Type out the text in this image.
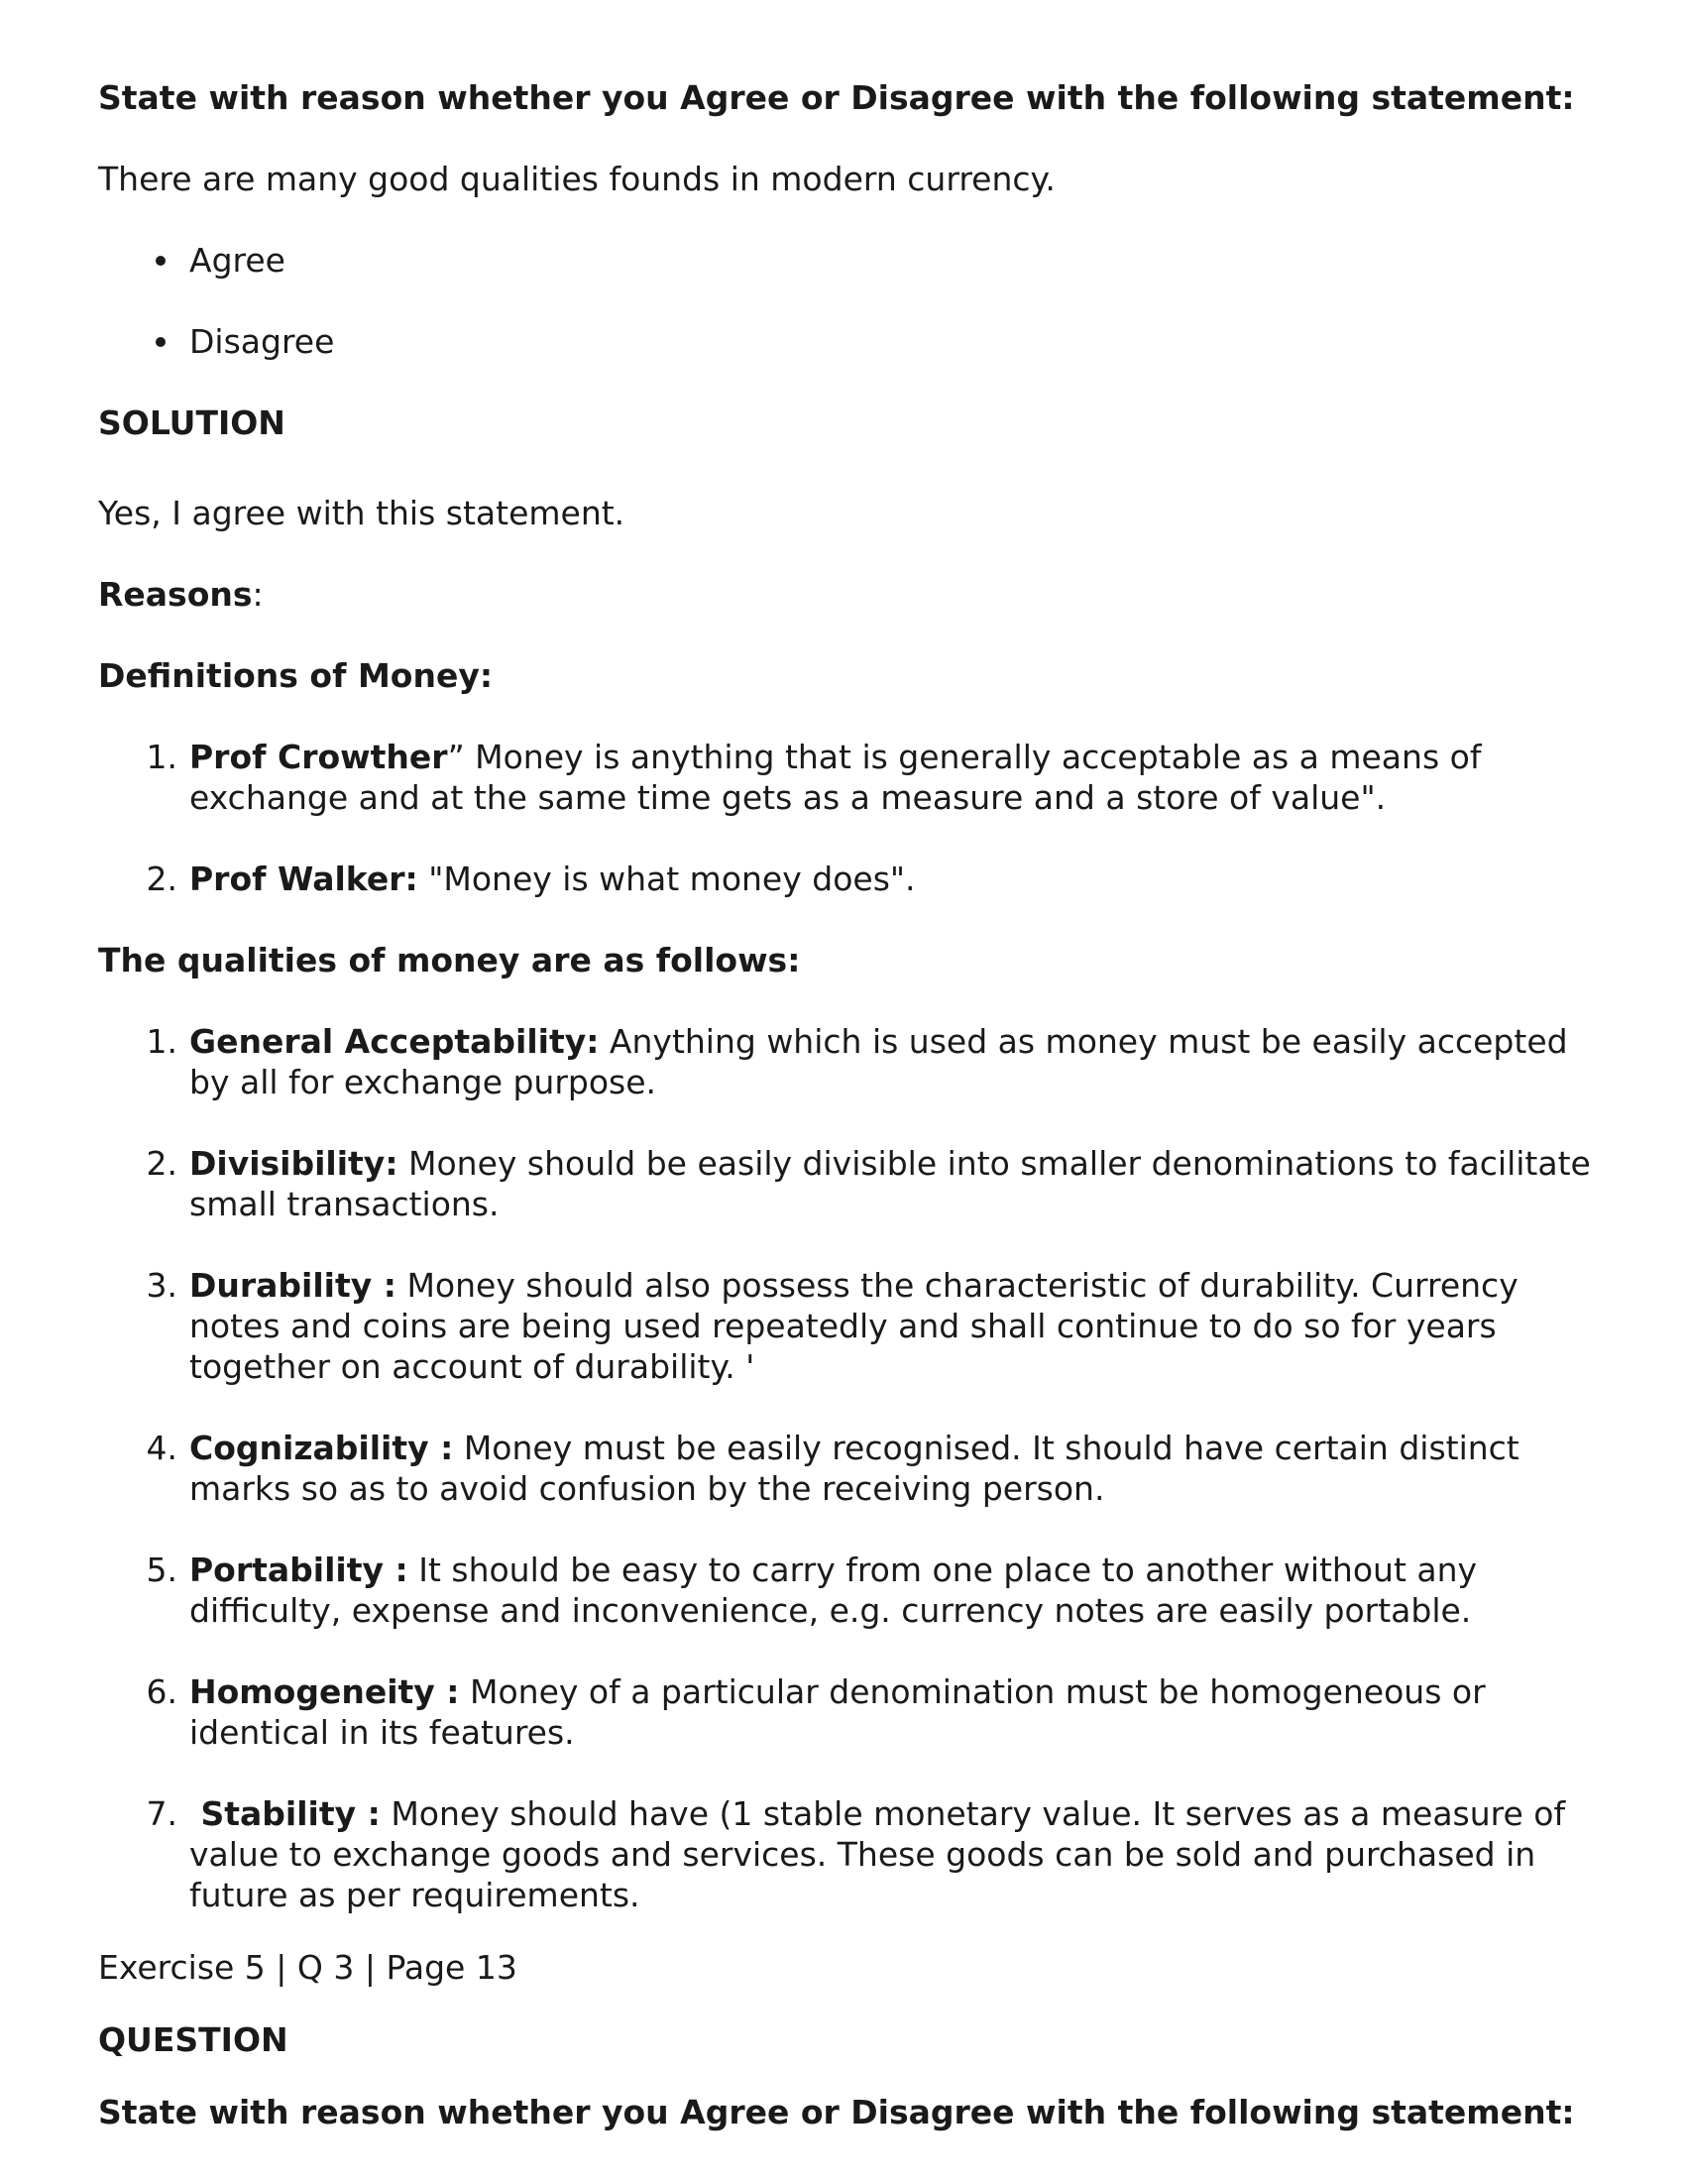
State with reason whether you Agree or Disagree with the following statement:

There are many good qualities founds in modern currency.

Agree
Disagree

SOLUTION

Yes, I agree with this statement.

Reasons:

Definitions of Money:

1. Prof Crowther” Money is anything that is generally acceptable as a means of exchange and at the same time gets as a measure and a store of value".
2. Prof Walker: "Money is what money does".

The qualities of money are as follows:

1. General Acceptability: Anything which is used as money must be easily accepted by all for exchange purpose.
2. Divisibility: Money should be easily divisible into smaller denominations to facilitate small transactions.
3. Durability : Money should also possess the characteristic of durability. Currency notes and coins are being used repeatedly and shall continue to do so for years together on account of durability. '
4. Cognizability : Money must be easily recognised. It should have certain distinct marks so as to avoid confusion by the receiving person.
5. Portability : It should be easy to carry from one place to another without any difficulty, expense and inconvenience, e.g. currency notes are easily portable.
6. Homogeneity : Money of a particular denomination must be homogeneous or identical in its features.
7. Stability : Money should have (1 stable monetary value. It serves as a measure of value to exchange goods and services. These goods can be sold and purchased in future as per requirements.

Exercise 5 | Q 3 | Page 13

QUESTION

State with reason whether you Agree or Disagree with the following statement:
